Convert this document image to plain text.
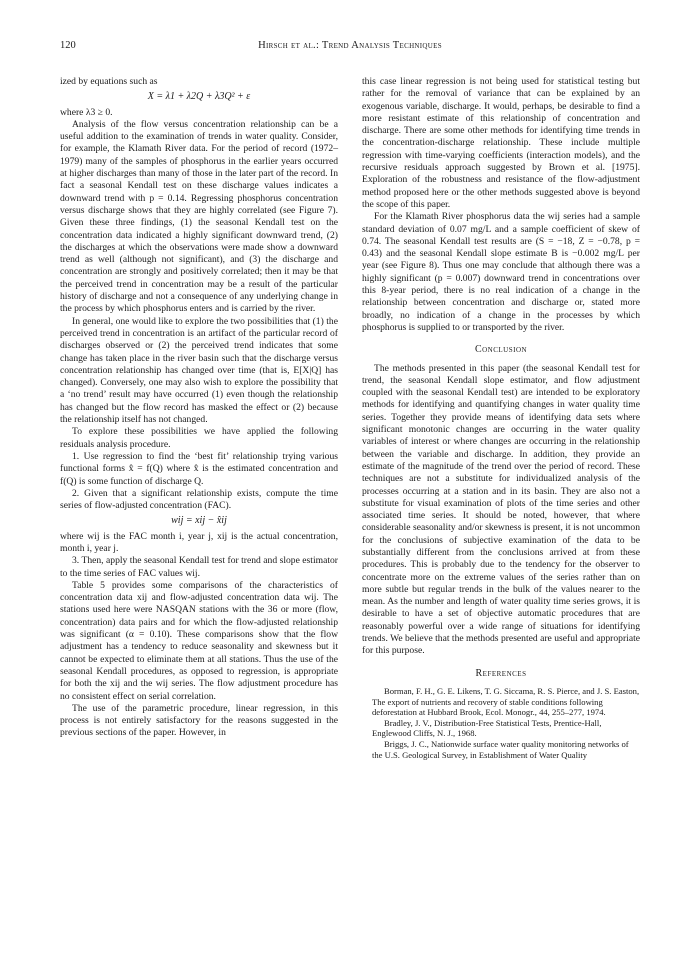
120	Hirsch et al.: Trend Analysis Techniques

ized by equations such as

X = λ1 + λ2Q + λ3Q² + ε

where λ3 ≥ 0.

Analysis of the flow versus concentration relationship can be a useful addition to the examination of trends in water quality. Consider, for example, the Klamath River data. For the period of record (1972–1979) many of the samples of phosphorus in the earlier years occurred at higher discharges than many of those in the later part of the record. In fact a seasonal Kendall test on these discharge values indicates a downward trend with p = 0.14. Regressing phosphorus concentration versus discharge shows that they are highly correlated (see Figure 7). Given these three findings, (1) the seasonal Kendall test on the concentration data indicated a highly significant downward trend, (2) the discharges at which the observations were made show a downward trend as well (although not significant), and (3) the discharge and concentration are strongly and positively correlated; then it may be that the perceived trend in concentration may be a result of the particular history of discharge and not a consequence of any underlying change in the process by which phosphorus enters and is carried by the river.

In general, one would like to explore the two possibilities that (1) the perceived trend in concentration is an artifact of the particular record of discharges observed or (2) the perceived trend indicates that some change has taken place in the river basin such that the discharge versus concentration relationship has changed over time (that is, E[X|Q] has changed). Conversely, one may also wish to explore the possibility that a ‘no trend’ result may have occurred (1) even though the relationship has changed but the flow record has masked the effect or (2) because the relationship itself has not changed.

To explore these possibilities we have applied the following residuals analysis procedure.

1. Use regression to find the ‘best fit’ relationship trying various functional forms x̂ = f(Q) where x̂ is the estimated concentration and f(Q) is some function of discharge Q.

2. Given that a significant relationship exists, compute the time series of flow-adjusted concentration (FAC).

wij = xij − x̂ij

where wij is the FAC month i, year j, xij is the actual concentration, month i, year j.

3. Then, apply the seasonal Kendall test for trend and slope estimator to the time series of FAC values wij.

Table 5 provides some comparisons of the characteristics of concentration data xij and flow-adjusted concentration data wij. The stations used here were NASQAN stations with the 36 or more (flow, concentration) data pairs and for which the flow-adjusted relationship was significant (α = 0.10). These comparisons show that the flow adjustment has a tendency to reduce seasonality and skewness but it cannot be expected to eliminate them at all stations. Thus the use of the seasonal Kendall procedures, as opposed to regression, is appropriate for both the xij and the wij series. The flow adjustment procedure has no consistent effect on serial correlation.

The use of the parametric procedure, linear regression, in this process is not entirely satisfactory for the reasons suggested in the previous sections of the paper. However, in

this case linear regression is not being used for statistical testing but rather for the removal of variance that can be explained by an exogenous variable, discharge. It would, perhaps, be desirable to find a more resistant estimate of this relationship of concentration and discharge. There are some other methods for identifying time trends in the concentration-discharge relationship. These include multiple regression with time-varying coefficients (interaction models), and the recursive residuals approach suggested by Brown et al. [1975]. Exploration of the robustness and resistance of the flow-adjustment method proposed here or the other methods suggested above is beyond the scope of this paper.

For the Klamath River phosphorus data the wij series had a sample standard deviation of 0.07 mg/L and a sample coefficient of skew of 0.74. The seasonal Kendall test results are (S = −18, Z = −0.78, p = 0.43) and the seasonal Kendall slope estimate B is −0.002 mg/L per year (see Figure 8). Thus one may conclude that although there was a highly significant (p = 0.007) downward trend in concentrations over this 8-year period, there is no real indication of a change in the relationship between concentration and discharge or, stated more broadly, no indication of a change in the processes by which phosphorus is supplied to or transported by the river.

Conclusion

The methods presented in this paper (the seasonal Kendall test for trend, the seasonal Kendall slope estimator, and flow adjustment coupled with the seasonal Kendall test) are intended to be exploratory methods for identifying and quantifying changes in water quality time series. Together they provide means of identifying data sets where significant monotonic changes are occurring in the water quality variables of interest or where changes are occurring in the relationship between the variable and discharge. In addition, they provide an estimate of the magnitude of the trend over the period of record. These techniques are not a substitute for individualized analysis of the processes occurring at a station and in its basin. They are also not a substitute for visual examination of plots of the time series and other associated time series. It should be noted, however, that where considerable seasonality and/or skewness is present, it is not uncommon for the conclusions of subjective examination of the data to be substantially different from the conclusions arrived at from these procedures. This is probably due to the tendency for the observer to concentrate more on the extreme values of the series rather than on more subtle but regular trends in the bulk of the values nearer to the mean. As the number and length of water quality time series grows, it is desirable to have a set of objective automatic procedures that are reasonably powerful over a wide range of situations for identifying trends. We believe that the methods presented are useful and appropriate for this purpose.

References

Borman, F. H., G. E. Likens, T. G. Siccama, R. S. Pierce, and J. S. Easton, The export of nutrients and recovery of stable conditions following deforestation at Hubbard Brook, Ecol. Monogr., 44, 255–277, 1974.

Bradley, J. V., Distribution-Free Statistical Tests, Prentice-Hall, Englewood Cliffs, N. J., 1968.

Briggs, J. C., Nationwide surface water quality monitoring networks of the U.S. Geological Survey, in Establishment of Water Quality
